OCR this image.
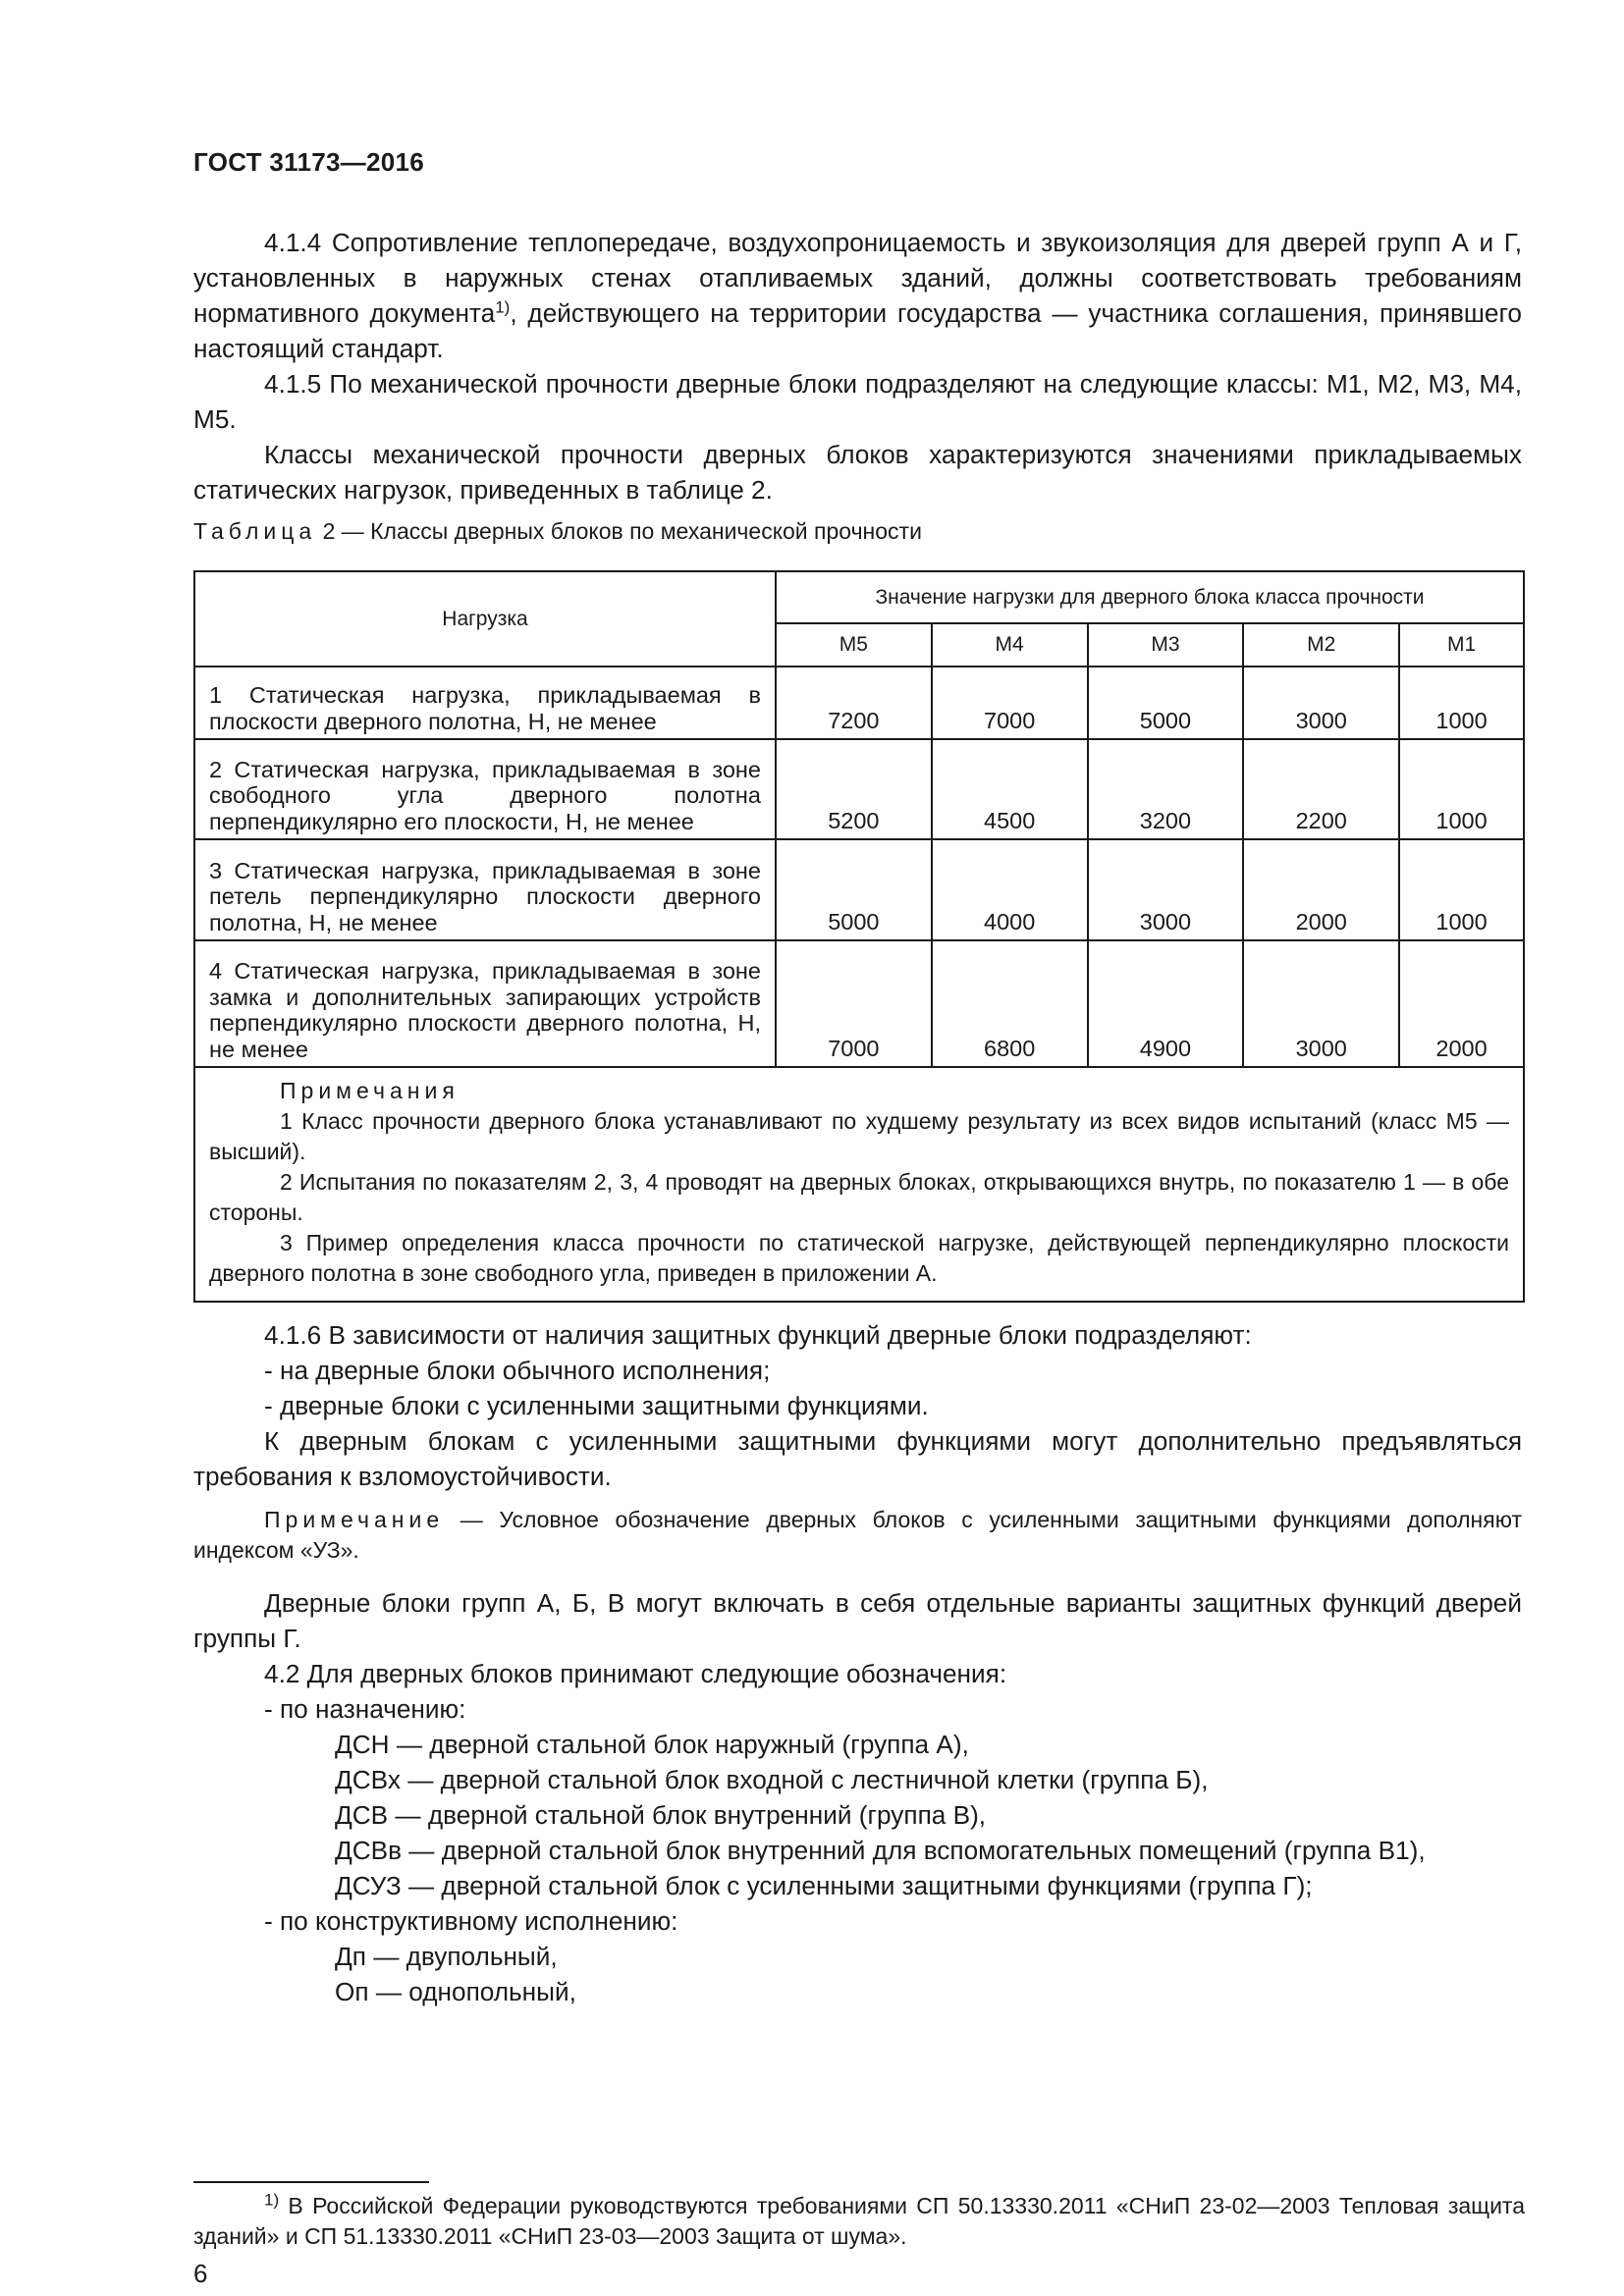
ГОСТ 31173—2016

4.1.4 Сопротивление теплопередаче, воздухопроницаемость и звукоизоляция для дверей групп А и Г, установленных в наружных стенах отапливаемых зданий, должны соответствовать требованиям нормативного документа$^{1)}$, действующего на территории государства — участника соглашения, принявшего настоящий стандарт.

4.1.5 По механической прочности дверные блоки подразделяют на следующие классы: М1, М2, М3, М4, М5.

Классы механической прочности дверных блоков характеризуются значениями прикладываемых статических нагрузок, приведенных в таблице 2.

Таблица 2 — Классы дверных блоков по механической прочности
Нагрузка	Значение нагрузки для дверного блока класса прочности				
	М5	М4	М3	М2	М1
1 Статическая нагрузка, прикладываемая в плоскости дверного полотна, Н, не менее	7200	7000	5000	3000	1000
2 Статическая нагрузка, прикладываемая в зоне свободного угла дверного полотна перпендикулярно его плоскости, Н, не менее	5200	4500	3200	2200	1000
3 Статическая нагрузка, прикладываемая в зоне петель перпендикулярно плоскости дверного полотна, Н, не менее	5000	4000	3000	2000	1000
4 Статическая нагрузка, прикладываемая в зоне замка и дополнительных запирающих устройств перпендикулярно плоскости дверного полотна, Н, не менее	7000	6800	4900	3000	2000

Примечания

1 Класс прочности дверного блока устанавливают по худшему результату из всех видов испытаний (класс М5 — высший).

2 Испытания по показателям 2, 3, 4 проводят на дверных блоках, открывающихся внутрь, по показателю 1 — в обе стороны.

3 Пример определения класса прочности по статической нагрузке, действующей перпендикулярно плоскости дверного полотна в зоне свободного угла, приведен в приложении А.					

4.1.6 В зависимости от наличия защитных функций дверные блоки подразделяют:

- на дверные блоки обычного исполнения;

- дверные блоки с усиленными защитными функциями.

К дверным блокам с усиленными защитными функциями могут дополнительно предъявляться требования к взломоустойчивости.

Примечание — Условное обозначение дверных блоков с усиленными защитными функциями дополняют индексом «УЗ».

Дверные блоки групп А, Б, В могут включать в себя отдельные варианты защитных функций дверей группы Г.

4.2 Для дверных блоков принимают следующие обозначения:

- по назначению:

ДСН — дверной стальной блок наружный (группа А),

ДСВх — дверной стальной блок входной с лестничной клетки (группа Б),

ДСВ — дверной стальной блок внутренний (группа В),

ДСВв — дверной стальной блок внутренний для вспомогательных помещений (группа В1),

ДСУЗ — дверной стальной блок с усиленными защитными функциями (группа Г);

- по конструктивному исполнению:

Дп — двупольный,

Оп — однопольный,

$^{1)}$ В Российской Федерации руководствуются требованиями СП 50.13330.2011 «СНиП 23-02—2003 Тепловая защита зданий» и СП 51.13330.2011 «СНиП 23-03—2003 Защита от шума».

6
